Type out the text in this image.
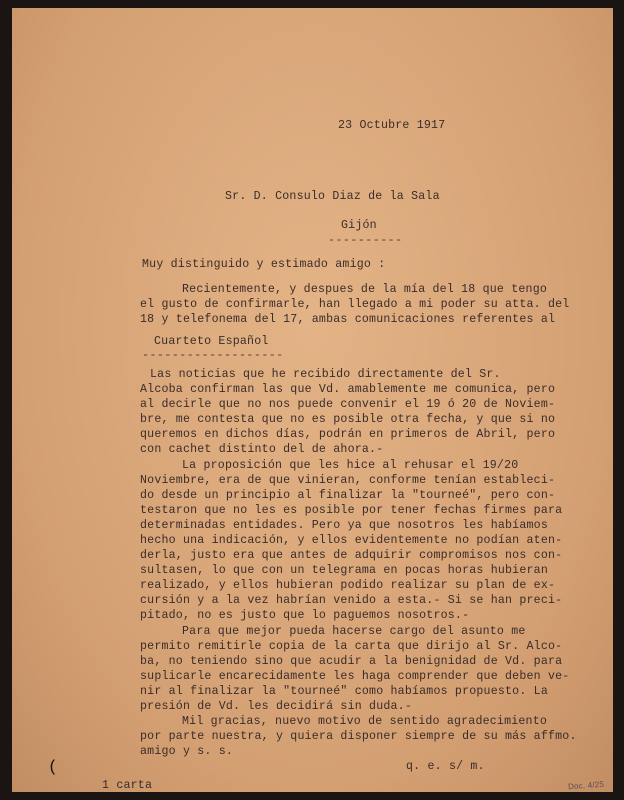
23 Octubre 1917
Sr. D. Consulo Diaz de la Sala
Gijón
----------
Muy distinguido y estimado amigo :
Recientemente, y despues de la mía del 18 que tengo
el gusto de confirmarle, han llegado a mi poder su atta. del
18 y telefonema del 17, ambas comunicaciones referentes al
Cuarteto Español
-------------------
Las noticias que he recibido directamente del Sr.
Alcoba confirman las que Vd. amablemente me comunica, pero
al decirle que no nos puede convenir el 19 ó 20 de Noviem-
bre, me contesta que no es posible otra fecha, y que si no
queremos en dichos días, podrán en primeros de Abril, pero
con cachet distinto del de ahora.-
La proposición que les hice al rehusar el 19/20
Noviembre, era de que vinieran, conforme tenían estableci-
do desde un principio al finalizar la "tourneé", pero con-
testaron que no les es posible por tener fechas firmes para
determinadas entidades. Pero ya que nosotros les habíamos
hecho una indicación, y ellos evidentemente no podían aten-
derla, justo era que antes de adquirir compromisos nos con-
sultasen, lo que con un telegrama en pocas horas hubieran
realizado, y ellos hubieran podido realizar su plan de ex-
cursión y a la vez habrían venido a esta.- Si se han preci-
pitado, no es justo que lo paguemos nosotros.-
Para que mejor pueda hacerse cargo del asunto me
permito remitirle copia de la carta que dirijo al Sr. Alco-
ba, no teniendo sino que acudir a la benignidad de Vd. para
suplicarle encarecidamente les haga comprender que deben ve-
nir al finalizar la "tourneé" como habíamos propuesto. La
presión de Vd. les decidirá sin duda.-
Mil gracias, nuevo motivo de sentido agradecimiento
por parte nuestra, y quiera disponer siempre de su más affmo.
amigo y s. s.
q. e. s/ m.
1 carta
(
Doc. 4/25
